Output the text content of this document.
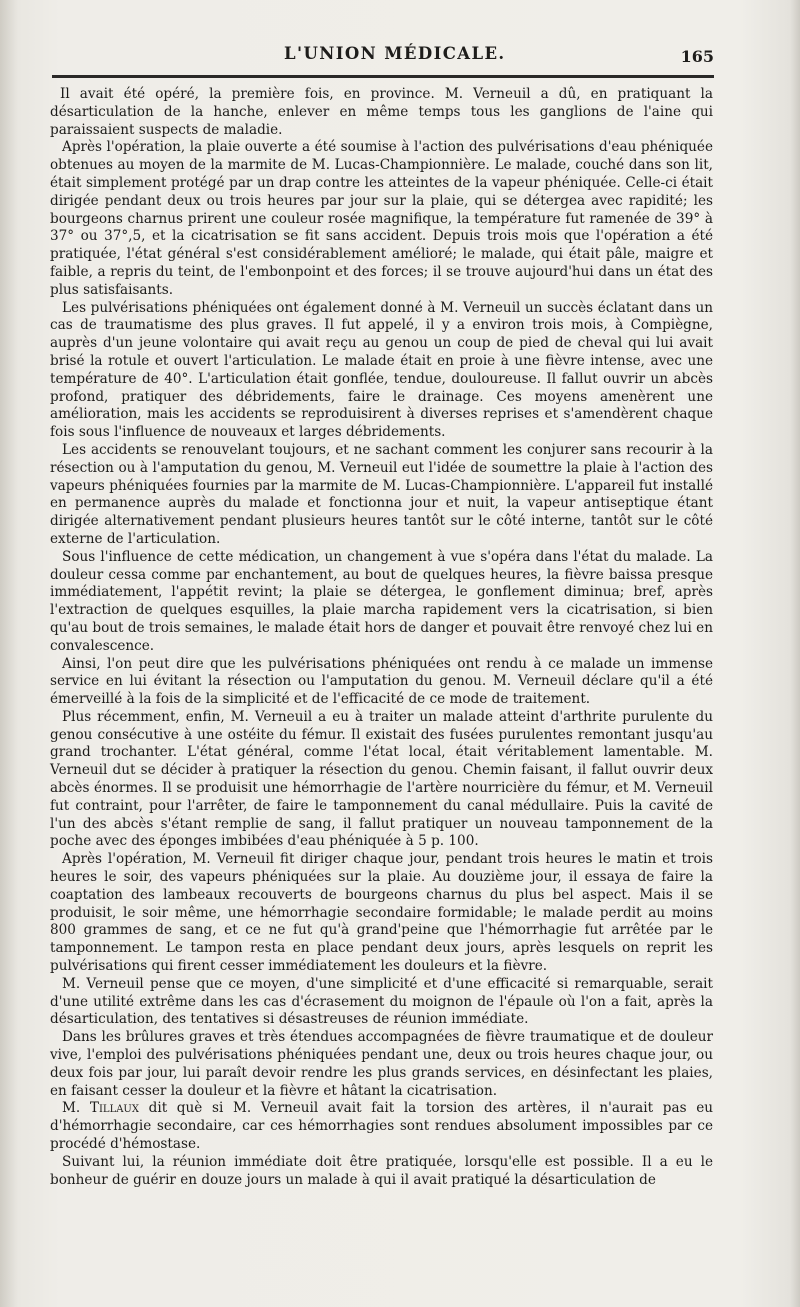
L'UNION MÉDICALE.	165

Il avait été opéré, la première fois, en province. M. Verneuil a dû, en pratiquant la désarticulation de la hanche, enlever en même temps tous les ganglions de l'aine qui paraissaient suspects de maladie.

Après l'opération, la plaie ouverte a été soumise à l'action des pulvérisations d'eau phéniquée obtenues au moyen de la marmite de M. Lucas-Championnière. Le malade, couché dans son lit, était simplement protégé par un drap contre les atteintes de la vapeur phéniquée. Celle-ci était dirigée pendant deux ou trois heures par jour sur la plaie, qui se détergea avec rapidité; les bourgeons charnus prirent une couleur rosée magnifique, la température fut ramenée de 39° à 37° ou 37°,5, et la cicatrisation se fit sans accident. Depuis trois mois que l'opération a été pratiquée, l'état général s'est considérablement amélioré; le malade, qui était pâle, maigre et faible, a repris du teint, de l'embonpoint et des forces; il se trouve aujourd'hui dans un état des plus satisfaisants.

Les pulvérisations phéniquées ont également donné à M. Verneuil un succès éclatant dans un cas de traumatisme des plus graves. Il fut appelé, il y a environ trois mois, à Compiègne, auprès d'un jeune volontaire qui avait reçu au genou un coup de pied de cheval qui lui avait brisé la rotule et ouvert l'articulation. Le malade était en proie à une fièvre intense, avec une température de 40°. L'articulation était gonflée, tendue, douloureuse. Il fallut ouvrir un abcès profond, pratiquer des débridements, faire le drainage. Ces moyens amenèrent une amélioration, mais les accidents se reproduisirent à diverses reprises et s'amendèrent chaque fois sous l'influence de nouveaux et larges débridements.

Les accidents se renouvelant toujours, et ne sachant comment les conjurer sans recourir à la résection ou à l'amputation du genou, M. Verneuil eut l'idée de soumettre la plaie à l'action des vapeurs phéniquées fournies par la marmite de M. Lucas-Championnière. L'appareil fut installé en permanence auprès du malade et fonctionna jour et nuit, la vapeur antiseptique étant dirigée alternativement pendant plusieurs heures tantôt sur le côté interne, tantôt sur le côté externe de l'articulation.

Sous l'influence de cette médication, un changement à vue s'opéra dans l'état du malade. La douleur cessa comme par enchantement, au bout de quelques heures, la fièvre baissa presque immédiatement, l'appétit revint; la plaie se détergea, le gonflement diminua; bref, après l'extraction de quelques esquilles, la plaie marcha rapidement vers la cicatrisation, si bien qu'au bout de trois semaines, le malade était hors de danger et pouvait être renvoyé chez lui en convalescence.

Ainsi, l'on peut dire que les pulvérisations phéniquées ont rendu à ce malade un immense service en lui évitant la résection ou l'amputation du genou. M. Verneuil déclare qu'il a été émerveillé à la fois de la simplicité et de l'efficacité de ce mode de traitement.

Plus récemment, enfin, M. Verneuil a eu à traiter un malade atteint d'arthrite purulente du genou consécutive à une ostéite du fémur. Il existait des fusées purulentes remontant jusqu'au grand trochanter. L'état général, comme l'état local, était véritablement lamentable. M. Verneuil dut se décider à pratiquer la résection du genou. Chemin faisant, il fallut ouvrir deux abcès énormes. Il se produisit une hémorrhagie de l'artère nourricière du fémur, et M. Verneuil fut contraint, pour l'arrêter, de faire le tamponnement du canal médullaire. Puis la cavité de l'un des abcès s'étant remplie de sang, il fallut pratiquer un nouveau tamponnement de la poche avec des éponges imbibées d'eau phéniquée à 5 p. 100.

Après l'opération, M. Verneuil fit diriger chaque jour, pendant trois heures le matin et trois heures le soir, des vapeurs phéniquées sur la plaie. Au douzième jour, il essaya de faire la coaptation des lambeaux recouverts de bourgeons charnus du plus bel aspect. Mais il se produisit, le soir même, une hémorrhagie secondaire formidable; le malade perdit au moins 800 grammes de sang, et ce ne fut qu'à grand'peine que l'hémorrhagie fut arrêtée par le tamponnement. Le tampon resta en place pendant deux jours, après lesquels on reprit les pulvérisations qui firent cesser immédiatement les douleurs et la fièvre.

M. Verneuil pense que ce moyen, d'une simplicité et d'une efficacité si remarquable, serait d'une utilité extrême dans les cas d'écrasement du moignon de l'épaule où l'on a fait, après la désarticulation, des tentatives si désastreuses de réunion immédiate.

Dans les brûlures graves et très étendues accompagnées de fièvre traumatique et de douleur vive, l'emploi des pulvérisations phéniquées pendant une, deux ou trois heures chaque jour, ou deux fois par jour, lui paraît devoir rendre les plus grands services, en désinfectant les plaies, en faisant cesser la douleur et la fièvre et hâtant la cicatrisation.

M. Tillaux dit què si M. Verneuil avait fait la torsion des artères, il n'aurait pas eu d'hémorrhagie secondaire, car ces hémorrhagies sont rendues absolument impossibles par ce procédé d'hémostase.

Suivant lui, la réunion immédiate doit être pratiquée, lorsqu'elle est possible. Il a eu le bonheur de guérir en douze jours un malade à qui il avait pratiqué la désarticulation de
